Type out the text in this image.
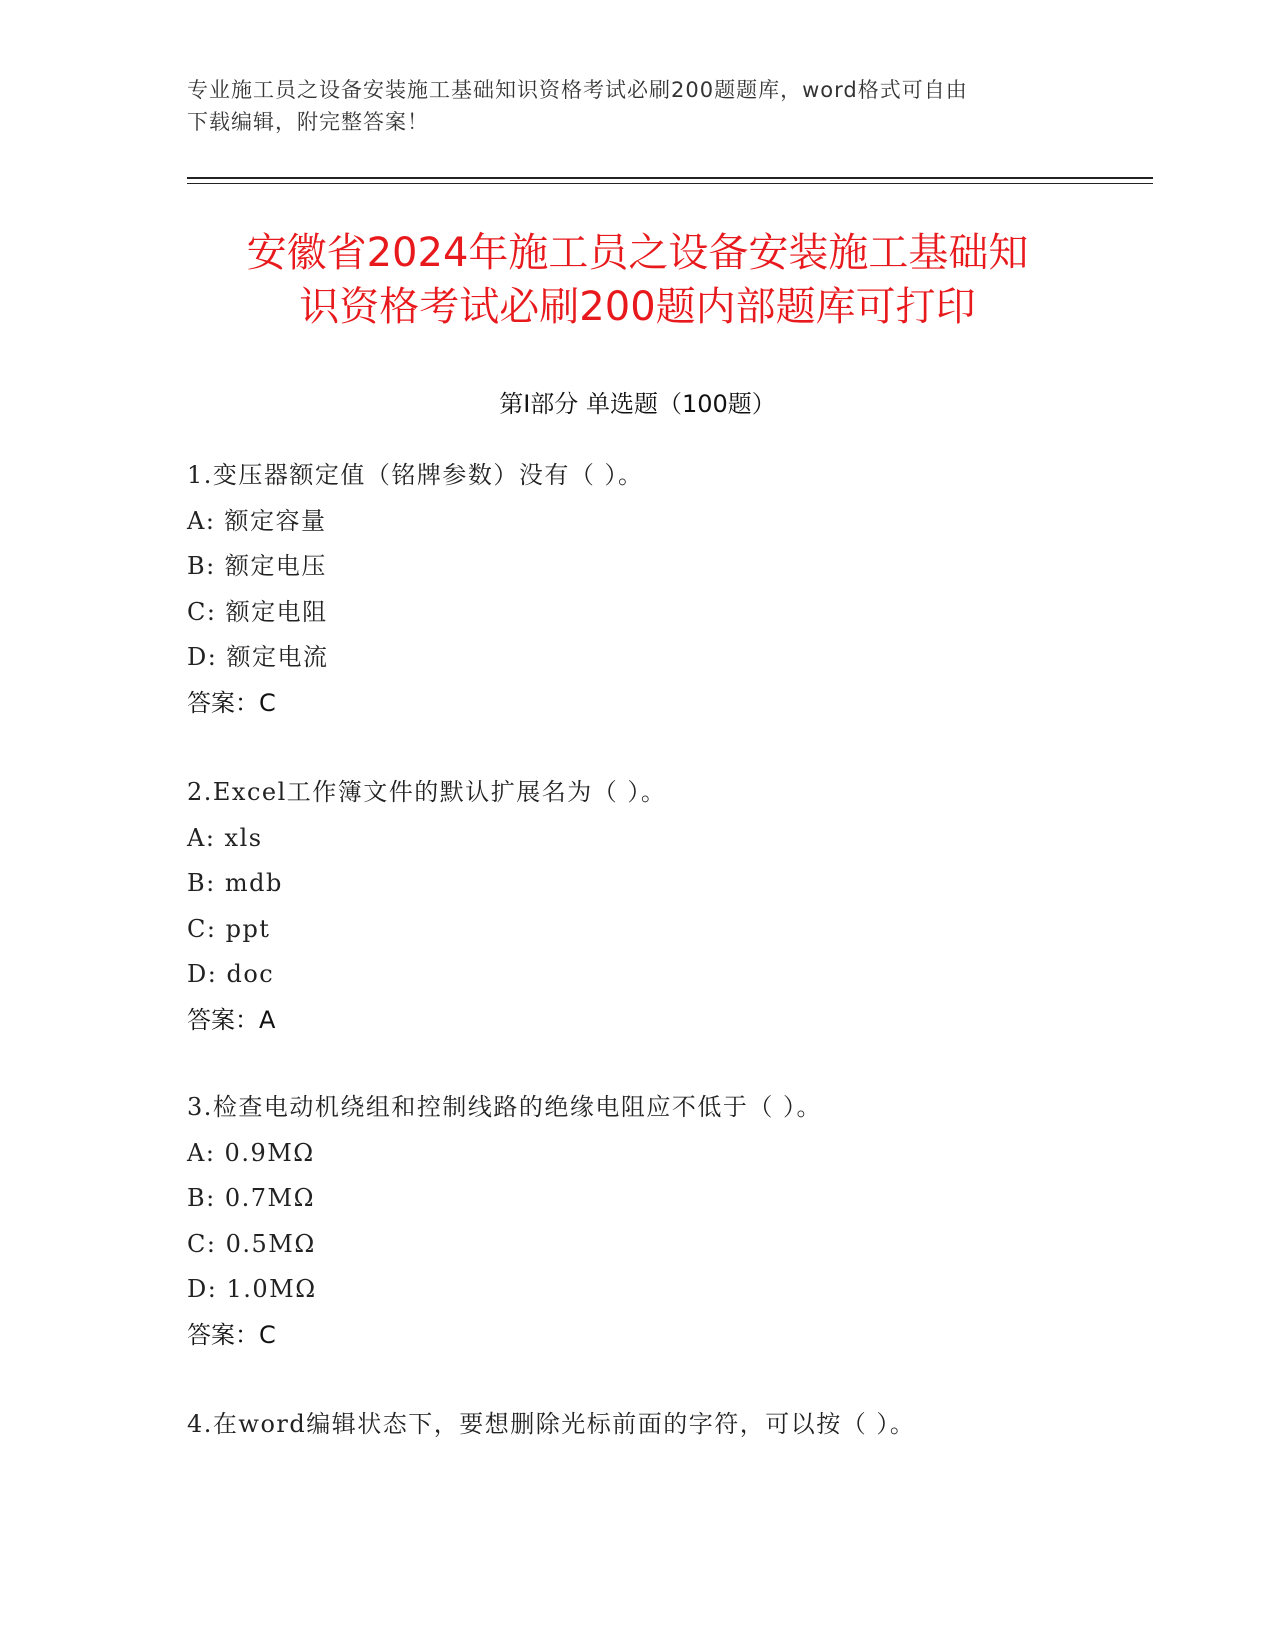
专业施工员之设备安装施工基础知识资格考试必刷200题题库，word格式可自由
下载编辑，附完整答案！
安徽省2024年施工员之设备安装施工基础知
识资格考试必刷200题内部题库可打印
第I部分 单选题（100题）
1.变压器额定值（铭牌参数）没有（ ）。
A: 额定容量
B: 额定电压
C: 额定电阻
D: 额定电流
答案：C
2.Excel工作簿文件的默认扩展名为（ ）。
A: xls
B: mdb
C: ppt
D: doc
答案：A
3.检查电动机绕组和控制线路的绝缘电阻应不低于（ ）。
A: 0.9MΩ
B: 0.7MΩ
C: 0.5MΩ
D: 1.0MΩ
答案：C
4.在word编辑状态下，要想删除光标前面的字符，可以按（ ）。
